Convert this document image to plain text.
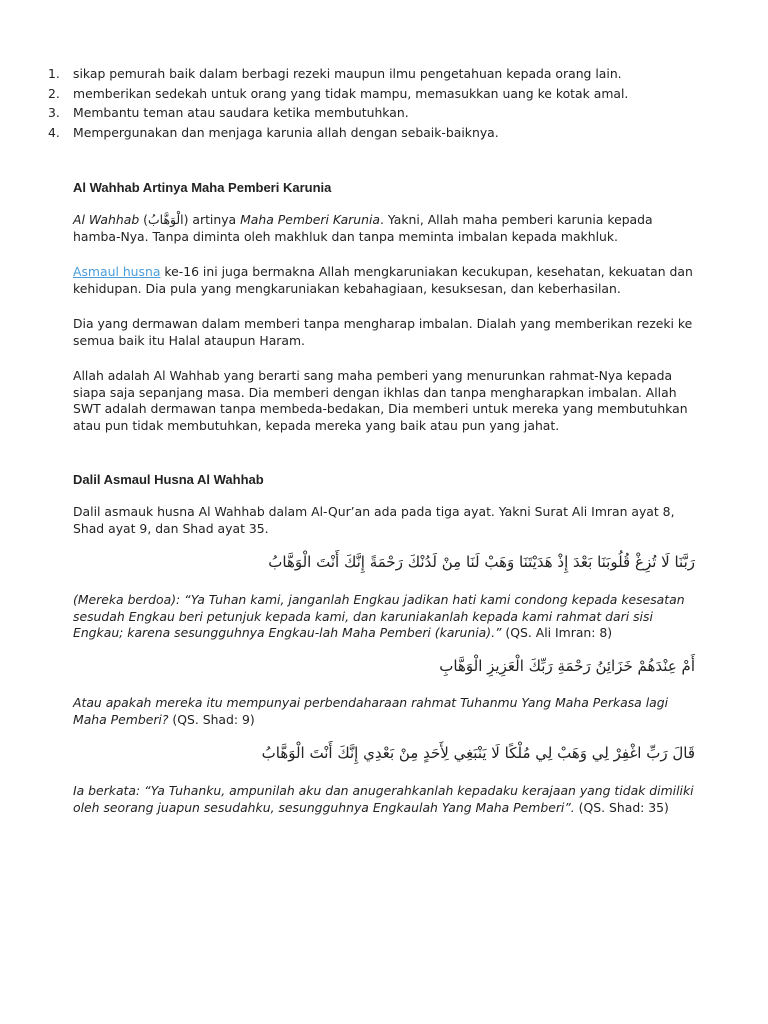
1.	sikap pemurah baik dalam berbagi rezeki maupun ilmu pengetahuan kepada orang lain.
2.	memberikan sedekah untuk orang yang tidak mampu, memasukkan uang ke kotak amal.
3.	Membantu teman atau saudara ketika membutuhkan.
4.	Mempergunakan dan menjaga karunia allah dengan sebaik-baiknya.
Al Wahhab Artinya Maha Pemberi Karunia

Al Wahhab (الْوَهَّابُ) artinya Maha Pemberi Karunia. Yakni, Allah maha pemberi karunia kepada hamba-Nya. Tanpa diminta oleh makhluk dan tanpa meminta imbalan kepada makhluk.

Asmaul husna ke-16 ini juga bermakna Allah mengkaruniakan kecukupan, kesehatan, kekuatan dan kehidupan. Dia pula yang mengkaruniakan kebahagiaan, kesuksesan, dan keberhasilan.

Dia yang dermawan dalam memberi tanpa mengharap imbalan. Dialah yang memberikan rezeki ke semua baik itu Halal ataupun Haram.

Allah adalah Al Wahhab yang berarti sang maha pemberi yang menurunkan rahmat-Nya kepada siapa saja sepanjang masa. Dia memberi dengan ikhlas dan tanpa mengharapkan imbalan. Allah SWT adalah dermawan tanpa membeda-bedakan, Dia memberi untuk mereka yang membutuhkan atau pun tidak membutuhkan, kepada mereka yang baik atau pun yang jahat.

Dalil Asmaul Husna Al Wahhab

Dalil asmauk husna Al Wahhab dalam Al-Qur’an ada pada tiga ayat. Yakni Surat Ali Imran ayat 8, Shad ayat 9, dan Shad ayat 35.

رَبَّنَا لَا تُزِغْ قُلُوبَنَا بَعْدَ إِذْ هَدَيْتَنَا وَهَبْ لَنَا مِنْ لَدُنْكَ رَحْمَةً إِنَّكَ أَنْتَ الْوَهَّابُ

(Mereka berdoa): “Ya Tuhan kami, janganlah Engkau jadikan hati kami condong kepada kesesatan sesudah Engkau beri petunjuk kepada kami, dan karuniakanlah kepada kami rahmat dari sisi Engkau; karena sesungguhnya Engkau-lah Maha Pemberi (karunia).” (QS. Ali Imran: 8)

أَمْ عِنْدَهُمْ خَزَائِنُ رَحْمَةِ رَبِّكَ الْعَزِيزِ الْوَهَّابِ

Atau apakah mereka itu mempunyai perbendaharaan rahmat Tuhanmu Yang Maha Perkasa lagi Maha Pemberi? (QS. Shad: 9)

قَالَ رَبِّ اغْفِرْ لِي وَهَبْ لِي مُلْكًا لَا يَنْبَغِي لِأَحَدٍ مِنْ بَعْدِي إِنَّكَ أَنْتَ الْوَهَّابُ

Ia berkata: “Ya Tuhanku, ampunilah aku dan anugerahkanlah kepadaku kerajaan yang tidak dimiliki oleh seorang juapun sesudahku, sesungguhnya Engkaulah Yang Maha Pemberi”. (QS. Shad: 35)
